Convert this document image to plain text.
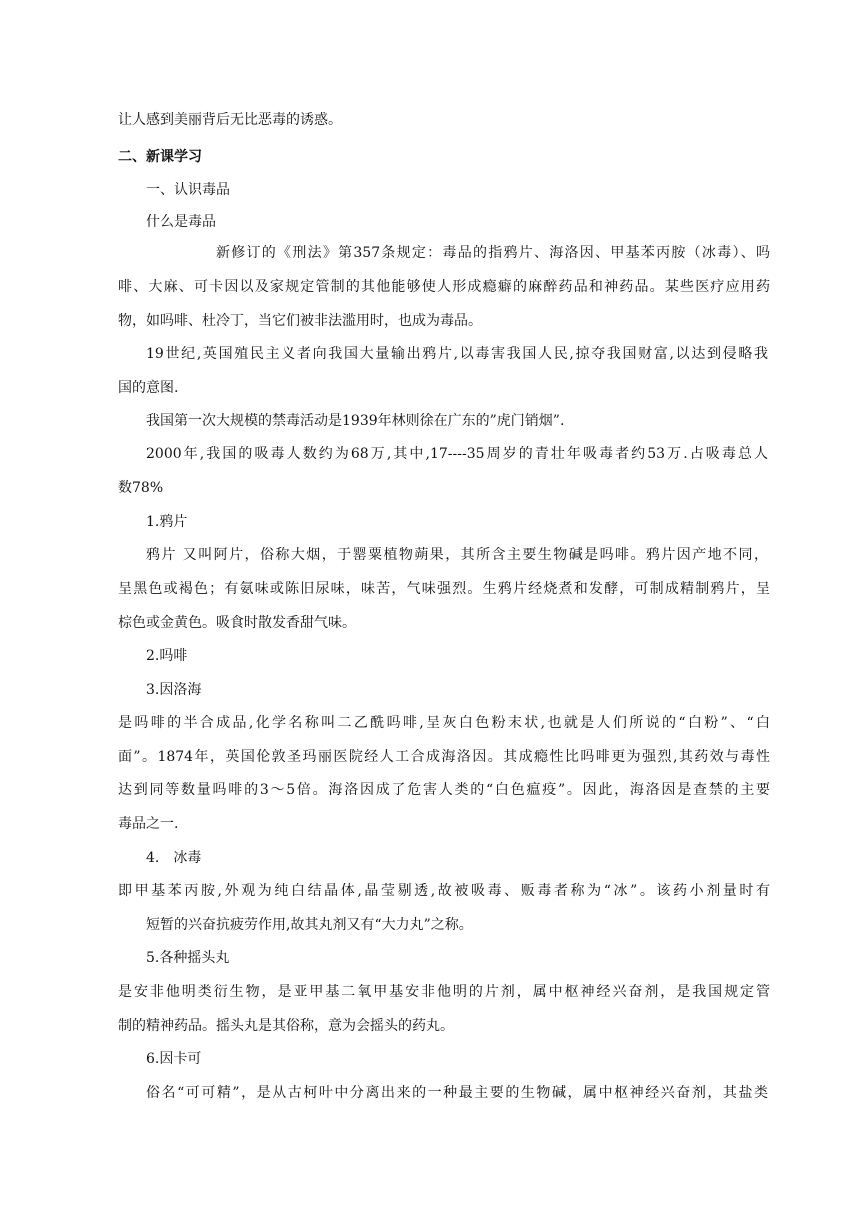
让人感到美丽背后无比恶毒的诱惑。
二、新课学习
一、认识毒品
什么是毒品
新修订的《刑法》第357条规定：毒品的指鸦片、海洛因、甲基苯丙胺（冰毒）、吗
啡、大麻、可卡因以及家规定管制的其他能够使人形成瘾癖的麻醉药品和神药品。某些医疗应用药
物，如吗啡、杜冷丁，当它们被非法滥用时，也成为毒品。
19世纪,英国殖民主义者向我国大量输出鸦片,以毒害我国人民,掠夺我国财富,以达到侵略我
国的意图.
我国第一次大规模的禁毒活动是1939年林则徐在广东的”虎门销烟”.
2000年,我国的吸毒人数约为68万,其中,17----35周岁的青壮年吸毒者约53万.占吸毒总人
数78%
1.鸦片
鸦片 又叫阿片，俗称大烟，于罂粟植物蒴果，其所含主要生物碱是吗啡。鸦片因产地不同，
呈黑色或褐色；有氨味或陈旧尿味，味苦，气味强烈。生鸦片经烧煮和发酵，可制成精制鸦片，呈
棕色或金黄色。吸食时散发香甜气味。
2.吗啡
3.因洛海
是吗啡的半合成品,化学名称叫二乙酰吗啡,呈灰白色粉末状,也就是人们所说的“白粉”、“白
面”。1874年，英国伦敦圣玛丽医院经人工合成海洛因。其成瘾性比吗啡更为强烈,其药效与毒性
达到同等数量吗啡的3～5倍。海洛因成了危害人类的“白色瘟疫”。因此，海洛因是查禁的主要
毒品之一.
4.　冰毒
即甲基苯丙胺,外观为纯白结晶体,晶莹剔透,故被吸毒、贩毒者称为“冰”。该药小剂量时有
短暂的兴奋抗疲劳作用,故其丸剂又有“大力丸”之称。
5.各种摇头丸
是安非他明类衍生物，是亚甲基二氧甲基安非他明的片剂，属中枢神经兴奋剂，是我国规定管
制的精神药品。摇头丸是其俗称，意为会摇头的药丸。
6.因卡可
俗名“可可精”，是从古柯叶中分离出来的一种最主要的生物碱，属中枢神经兴奋剂，其盐类
